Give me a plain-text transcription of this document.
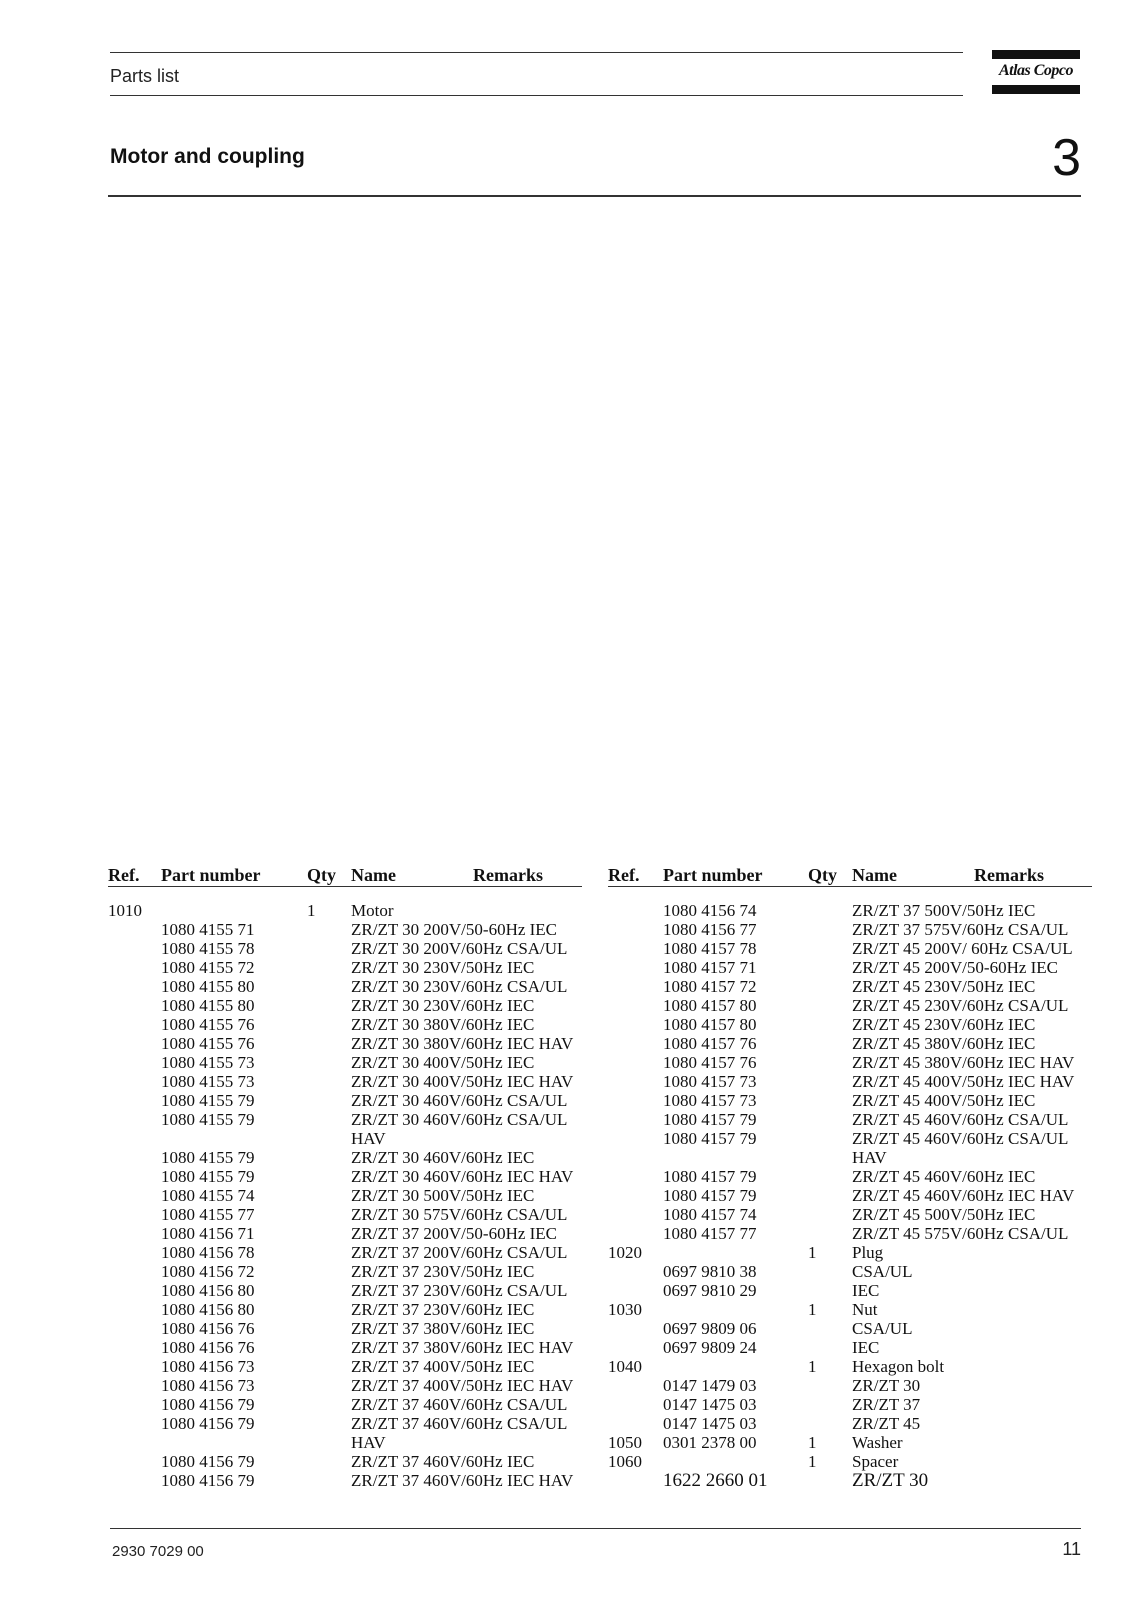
Parts list	Atlas Copco
Motor and coupling	3
Ref.	Part number	Qty	Name Remarks

1010		1	Motor
	1080 4155 71		ZR/ZT 30 200V/50-60Hz IEC
	1080 4155 78		ZR/ZT 30 200V/60Hz CSA/UL
	1080 4155 72		ZR/ZT 30 230V/50Hz IEC
	1080 4155 80		ZR/ZT 30 230V/60Hz CSA/UL
	1080 4155 80		ZR/ZT 30 230V/60Hz IEC
	1080 4155 76		ZR/ZT 30 380V/60Hz IEC
	1080 4155 76		ZR/ZT 30 380V/60Hz IEC HAV
	1080 4155 73		ZR/ZT 30 400V/50Hz IEC
	1080 4155 73		ZR/ZT 30 400V/50Hz IEC HAV
	1080 4155 79		ZR/ZT 30 460V/60Hz CSA/UL
	1080 4155 79		ZR/ZT 30 460V/60Hz CSA/UL
			HAV
	1080 4155 79		ZR/ZT 30 460V/60Hz IEC
	1080 4155 79		ZR/ZT 30 460V/60Hz IEC HAV
	1080 4155 74		ZR/ZT 30 500V/50Hz IEC
	1080 4155 77		ZR/ZT 30 575V/60Hz CSA/UL
	1080 4156 71		ZR/ZT 37 200V/50-60Hz IEC
	1080 4156 78		ZR/ZT 37 200V/60Hz CSA/UL
	1080 4156 72		ZR/ZT 37 230V/50Hz IEC
	1080 4156 80		ZR/ZT 37 230V/60Hz CSA/UL
	1080 4156 80		ZR/ZT 37 230V/60Hz IEC
	1080 4156 76		ZR/ZT 37 380V/60Hz IEC
	1080 4156 76		ZR/ZT 37 380V/60Hz IEC HAV
	1080 4156 73		ZR/ZT 37 400V/50Hz IEC
	1080 4156 73		ZR/ZT 37 400V/50Hz IEC HAV
	1080 4156 79		ZR/ZT 37 460V/60Hz CSA/UL
	1080 4156 79		ZR/ZT 37 460V/60Hz CSA/UL
			HAV
	1080 4156 79		ZR/ZT 37 460V/60Hz IEC
	1080 4156 79		ZR/ZT 37 460V/60Hz IEC HAV
Ref.	Part number	Qty	Name Remarks

	1080 4156 74		ZR/ZT 37 500V/50Hz IEC
	1080 4156 77		ZR/ZT 37 575V/60Hz CSA/UL
	1080 4157 78		ZR/ZT 45 200V/ 60Hz CSA/UL
	1080 4157 71		ZR/ZT 45 200V/50-60Hz IEC
	1080 4157 72		ZR/ZT 45 230V/50Hz IEC
	1080 4157 80		ZR/ZT 45 230V/60Hz CSA/UL
	1080 4157 80		ZR/ZT 45 230V/60Hz IEC
	1080 4157 76		ZR/ZT 45 380V/60Hz IEC
	1080 4157 76		ZR/ZT 45 380V/60Hz IEC HAV
	1080 4157 73		ZR/ZT 45 400V/50Hz IEC HAV
	1080 4157 73		ZR/ZT 45 400V/50Hz IEC
	1080 4157 79		ZR/ZT 45 460V/60Hz CSA/UL
	1080 4157 79		ZR/ZT 45 460V/60Hz CSA/UL
			HAV
	1080 4157 79		ZR/ZT 45 460V/60Hz IEC
	1080 4157 79		ZR/ZT 45 460V/60Hz IEC HAV
	1080 4157 74		ZR/ZT 45 500V/50Hz IEC
	1080 4157 77		ZR/ZT 45 575V/60Hz CSA/UL
1020		1	Plug
	0697 9810 38		CSA/UL
	0697 9810 29		IEC
1030		1	Nut
	0697 9809 06		CSA/UL
	0697 9809 24		IEC
1040		1	Hexagon bolt
	0147 1479 03		ZR/ZT 30
	0147 1475 03		ZR/ZT 37
	0147 1475 03		ZR/ZT 45
1050	0301 2378 00	1	Washer
1060		1	Spacer
	1622 2660 01		ZR/ZT 30
2930 7029 00	11
